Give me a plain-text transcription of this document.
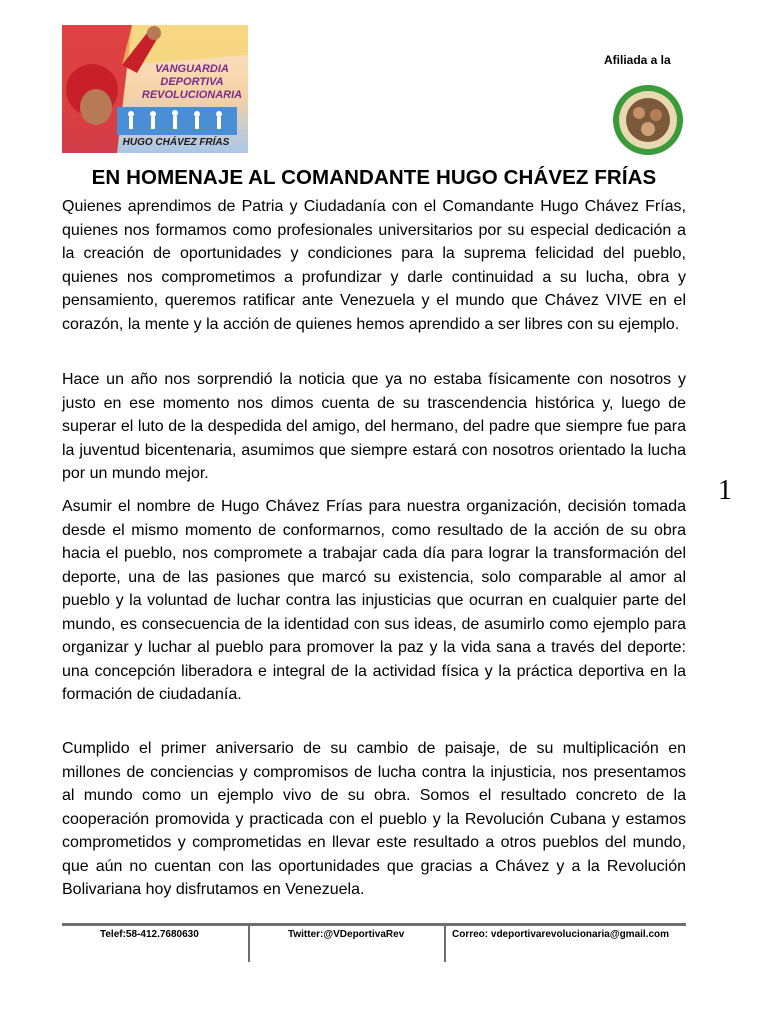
VANGUARDIA
DEPORTIVA
REVOLUCIONARIA
HUGO CHÁVEZ FRÍAS
Afiliada a la
EN HOMENAJE AL COMANDANTE HUGO CHÁVEZ FRÍAS

Quienes aprendimos de Patria y Ciudadanía con el Comandante Hugo Chávez Frías, quienes nos formamos como profesionales universitarios por su especial dedicación a la creación de oportunidades y condiciones para la suprema felicidad del pueblo, quienes nos comprometimos a profundizar y darle continuidad a su lucha, obra y pensamiento, queremos ratificar ante Venezuela y el mundo que Chávez VIVE en el corazón, la mente y la acción de quienes hemos aprendido a ser libres con su ejemplo.

Hace un año nos sorprendió la noticia que ya no estaba físicamente con nosotros y justo en ese momento nos dimos cuenta de su trascendencia histórica y, luego de superar el luto de la despedida del amigo, del hermano, del padre que siempre fue para la juventud bicentenaria, asumimos que siempre estará con nosotros orientado la lucha por un mundo mejor.

Asumir el nombre de Hugo Chávez Frías para nuestra organización, decisión tomada desde el mismo momento de conformarnos, como resultado de la acción de su obra hacia el pueblo, nos compromete a trabajar cada día para lograr la transformación del deporte, una de las pasiones que marcó su existencia, solo comparable al amor al pueblo y la voluntad de luchar contra las injusticias que ocurran en cualquier parte del mundo, es consecuencia de la identidad con sus ideas, de asumirlo como ejemplo para organizar y luchar al pueblo para promover la paz y la vida sana a través del deporte: una concepción liberadora e integral de la actividad física y la práctica deportiva en la formación de ciudadanía.

Cumplido el primer aniversario de su cambio de paisaje, de su multiplicación en millones de conciencias y compromisos de lucha contra la injusticia, nos presentamos al mundo como un ejemplo vivo de su obra. Somos el resultado concreto de la cooperación promovida y practicada con el pueblo y la Revolución Cubana y estamos comprometidos y comprometidas en llevar este resultado a otros pueblos del mundo, que aún no cuentan con las oportunidades que gracias a Chávez y a la Revolución Bolivariana hoy disfrutamos en Venezuela.

1
Telef:58-412.7680630	Twitter:@VDeportivaRev	Correo: vdeportivarevolucionaria@gmail.com
